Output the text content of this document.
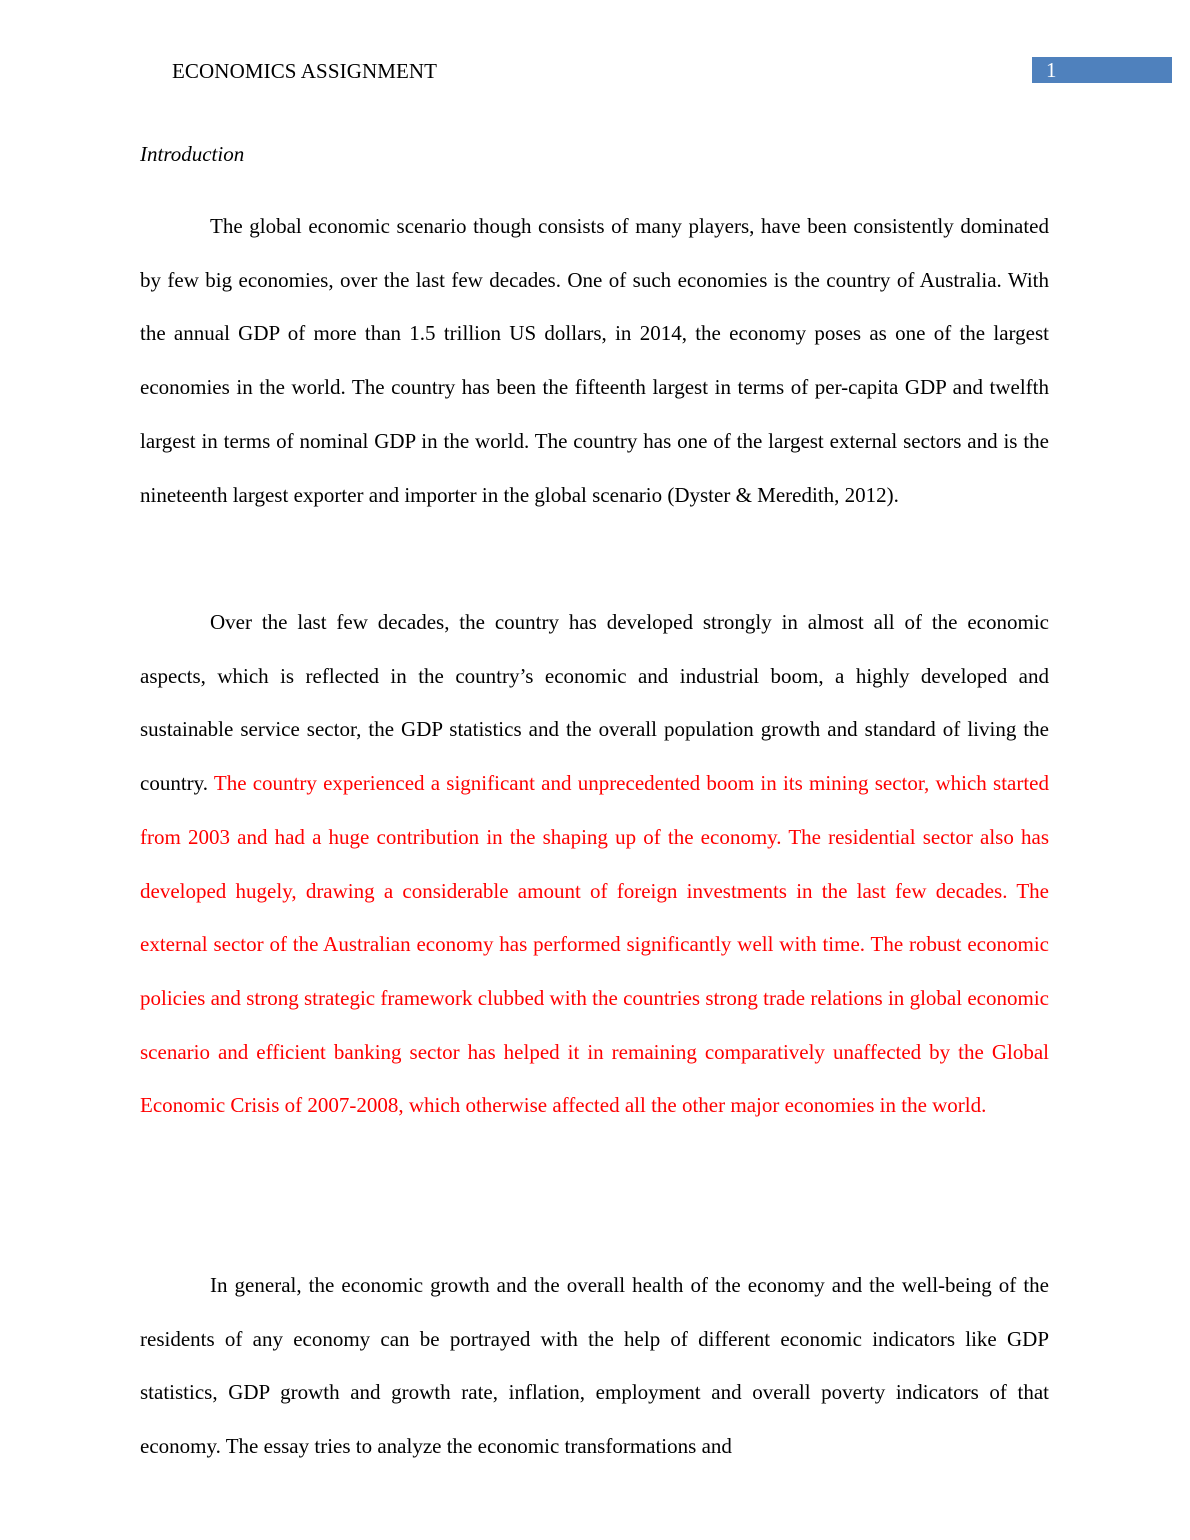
ECONOMICS ASSIGNMENT	1
Introduction

The global economic scenario though consists of many players, have been consistently dominated by few big economies, over the last few decades. One of such economies is the country of Australia. With the annual GDP of more than 1.5 trillion US dollars, in 2014, the economy poses as one of the largest economies in the world. The country has been the fifteenth largest in terms of per-capita GDP and twelfth largest in terms of nominal GDP in the world. The country has one of the largest external sectors and is the nineteenth largest exporter and importer in the global scenario (Dyster & Meredith, 2012).

Over the last few decades, the country has developed strongly in almost all of the economic aspects, which is reflected in the country’s economic and industrial boom, a highly developed and sustainable service sector, the GDP statistics and the overall population growth and standard of living the country. The country experienced a significant and unprecedented boom in its mining sector, which started from 2003 and had a huge contribution in the shaping up of the economy. The residential sector also has developed hugely, drawing a considerable amount of foreign investments in the last few decades. The external sector of the Australian economy has performed significantly well with time. The robust economic policies and strong strategic framework clubbed with the countries strong trade relations in global economic scenario and efficient banking sector has helped it in remaining comparatively unaffected by the Global Economic Crisis of 2007-2008, which otherwise affected all the other major economies in the world.

In general, the economic growth and the overall health of the economy and the well-being of the residents of any economy can be portrayed with the help of different economic indicators like GDP statistics, GDP growth and growth rate, inflation, employment and overall poverty indicators of that economy. The essay tries to analyze the economic transformations and
